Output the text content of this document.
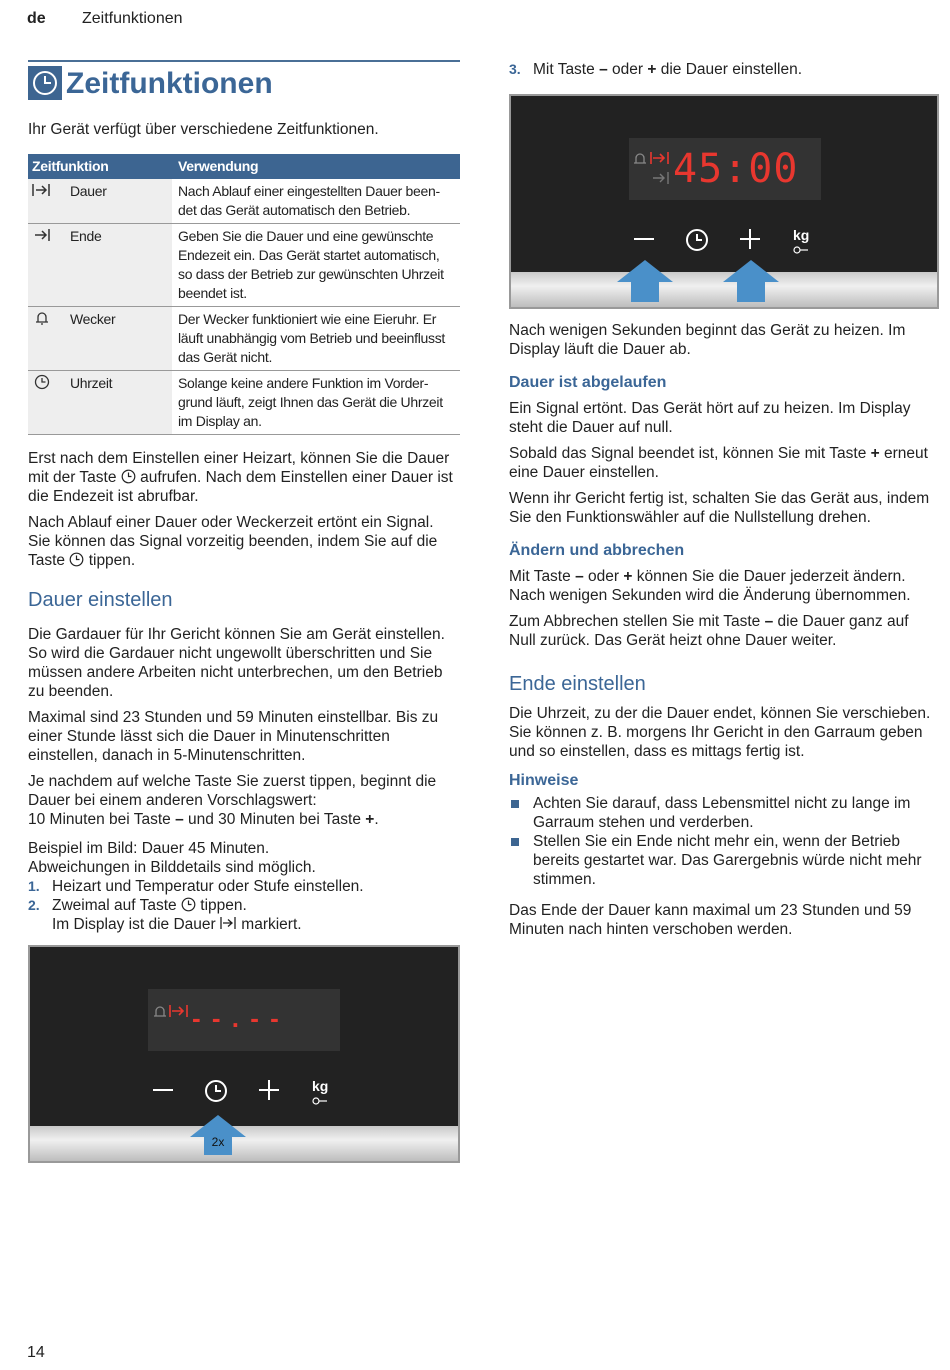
de Zeitfunktionen
Zeitfunktionen

Ihr Gerät verfügt über verschiedene Zeitfunktionen.

Zeitfunktion		Verwendung
	Dauer	Nach Ablauf einer eingestellten Dauer been-det das Gerät automatisch den Betrieb.
	Ende	Geben Sie die Dauer und eine gewünschte Endezeit ein. Das Gerät startet automatisch, so dass der Betrieb zur gewünschten Uhrzeit beendet ist.
	Wecker	Der Wecker funktioniert wie eine Eieruhr. Er läuft unabhängig vom Betrieb und beeinflusst das Gerät nicht.
	Uhrzeit	Solange keine andere Funktion im Vorder-grund läuft, zeigt Ihnen das Gerät die Uhrzeit im Display an.

Erst nach dem Einstellen einer Heizart, können Sie die Dauer mit der Taste aufrufen. Nach dem Einstellen einer Dauer ist die Endezeit ist abrufbar.

Nach Ablauf einer Dauer oder Weckerzeit ertönt ein Signal. Sie können das Signal vorzeitig beenden, indem Sie auf die Taste tippen.

Dauer einstellen

Die Gardauer für Ihr Gericht können Sie am Gerät einstellen. So wird die Gardauer nicht ungewollt überschritten und Sie müssen andere Arbeiten nicht unterbrechen, um den Betrieb zu beenden.

Maximal sind 23 Stunden und 59 Minuten einstellbar. Bis zu einer Stunde lässt sich die Dauer in Minutenschritten einstellen, danach in 5-Minutenschritten.

Je nachdem auf welche Taste Sie zuerst tippen, beginnt die Dauer bei einem anderen Vorschlagswert:
10 Minuten bei Taste – und 30 Minuten bei Taste +.

Beispiel im Bild: Dauer 45 Minuten.
Abweichungen in Bilddetails sind möglich.

1. Heizart und Temperatur oder Stufe einstellen.
2. Zweimal auf Taste tippen.
Im Display ist die Dauer markiert.
- - . - -
kg

2x
3. Mit Taste – oder + die Dauer einstellen.
45:00
kg

Nach wenigen Sekunden beginnt das Gerät zu heizen. Im Display läuft die Dauer ab.

Dauer ist abgelaufen

Ein Signal ertönt. Das Gerät hört auf zu heizen. Im Display steht die Dauer auf null.

Sobald das Signal beendet ist, können Sie mit Taste + erneut eine Dauer einstellen.

Wenn ihr Gericht fertig ist, schalten Sie das Gerät aus, indem Sie den Funktionswähler auf die Nullstellung drehen.

Ändern und abbrechen

Mit Taste – oder + können Sie die Dauer jederzeit ändern. Nach wenigen Sekunden wird die Änderung übernommen.

Zum Abbrechen stellen Sie mit Taste – die Dauer ganz auf Null zurück. Das Gerät heizt ohne Dauer weiter.

Ende einstellen

Die Uhrzeit, zu der die Dauer endet, können Sie verschieben. Sie können z. B. morgens Ihr Gericht in den Garraum geben und so einstellen, dass es mittags fertig ist.

Hinweise
Achten Sie darauf, dass Lebensmittel nicht zu lange im Garraum stehen und verderben.
Stellen Sie ein Ende nicht mehr ein, wenn der Betrieb bereits gestartet war. Das Garergebnis würde nicht mehr stimmen.

Das Ende der Dauer kann maximal um 23 Stunden und 59 Minuten nach hinten verschoben werden.

14
